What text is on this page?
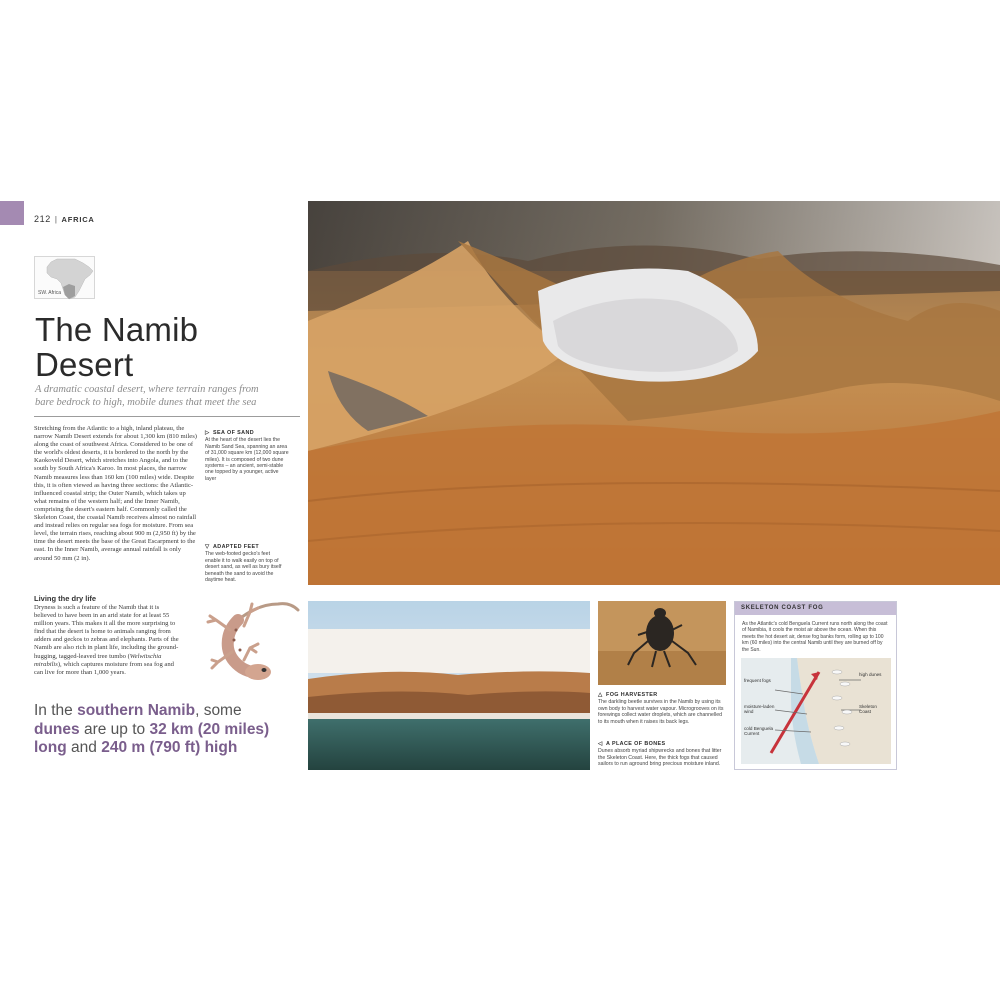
212 | AFRICA
SW. Africa
The Namib
Desert

A dramatic coastal desert, where terrain ranges from bare bedrock to high, mobile dunes that meet the sea

Stretching from the Atlantic to a high, inland plateau, the narrow Namib Desert extends for about 1,300 km (810 miles) along the coast of southwest Africa. Considered to be one of the world's oldest deserts, it is bordered to the north by the Kaokoveld Desert, which stretches into Angola, and to the south by South Africa's Karoo. In most places, the narrow Namib measures less than 160 km (100 miles) wide. Despite this, it is often viewed as having three sections: the Atlantic-influenced coastal strip; the Outer Namib, which takes up what remains of the western half; and the Inner Namib, comprising the desert's eastern half. Commonly called the Skeleton Coast, the coastal Namib receives almost no rainfall and instead relies on regular sea fogs for moisture. From sea level, the terrain rises, reaching about 900 m (2,950 ft) by the time the desert meets the base of the Great Escarpment to the east. In the Inner Namib, average annual rainfall is only around 50 mm (2 in).

Living the dry life

Dryness is such a feature of the Namib that it is believed to have been in an arid state for at least 55 million years. This makes it all the more surprising to find that the desert is home to animals ranging from adders and geckos to zebras and elephants. Parts of the Namib are also rich in plant life, including the ground-hugging, tagged-leaved tree tumbo (Welwitschia mirabilis), which captures moisture from sea fog and can live for more than 1,000 years.

In the southern Namib, some dunes are up to 32 km (20 miles) long and 240 m (790 ft) high

▷ SEA OF SAND
At the heart of the desert lies the Namib Sand Sea, spanning an area of 31,000 square km (12,000 square miles). It is composed of two dune systems – an ancient, semi-stable one topped by a younger, active layer
▽ ADAPTED FEET
The web-footed gecko's feet enable it to walk easily on top of desert sand, as well as bury itself beneath the sand to avoid the daytime heat.
△ FOG HARVESTER
The darkling beetle survives in the Namib by using its own body to harvest water vapour. Microgrooves on its forewings collect water droplets, which are channelled to its mouth when it raises its back legs.
◁ A PLACE OF BONES
Dunes absorb myriad shipwrecks and bones that litter the Skeleton Coast. Here, the thick fogs that caused sailors to run aground bring precious moisture inland.
SKELETON COAST FOG
As the Atlantic's cold Benguela Current runs north along the coast of Namibia, it cools the moist air above the ocean. When this meets the hot desert air, dense fog banks form, rolling up to 100 km (60 miles) into the central Namib until they are burned off by the Sun.
frequent fogs
moisture-laden wind
cold Benguela Current
high dunes
Skeleton Coast
